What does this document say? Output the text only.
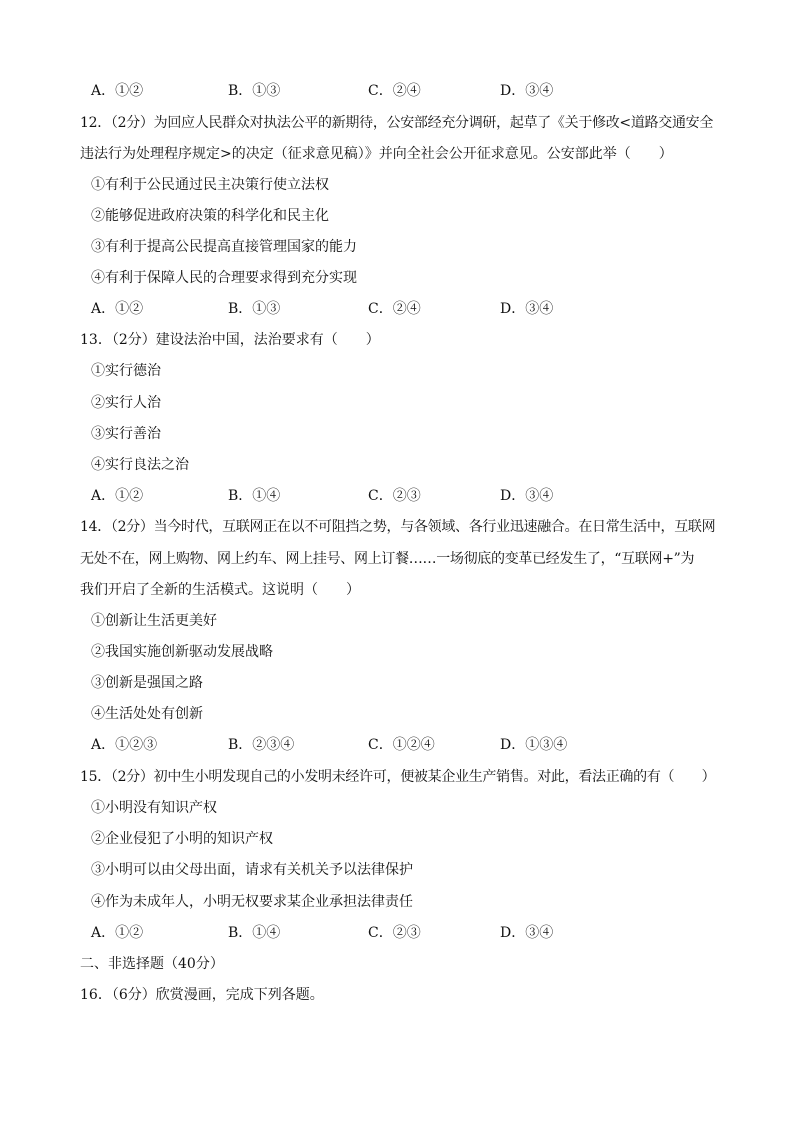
A．①②	B．①③	C．②④	D．③④
12．（2分）为回应人民群众对执法公平的新期待，公安部经充分调研，起草了《关于修改<道路交通安全
违法行为处理程序规定>的决定（征求意见稿）》并向全社会公开征求意见。公安部此举（　　）
①有利于公民通过民主决策行使立法权
②能够促进政府决策的科学化和民主化
③有利于提高公民提高直接管理国家的能力
④有利于保障人民的合理要求得到充分实现
A．①②	B．①③	C．②④	D．③④
13．（2分）建设法治中国，法治要求有（　　）
①实行德治
②实行人治
③实行善治
④实行良法之治
A．①②	B．①④	C．②③	D．③④
14．（2分）当今时代，互联网正在以不可阻挡之势，与各领域、各行业迅速融合。在日常生活中，互联网
无处不在，网上购物、网上约车、网上挂号、网上订餐……一场彻底的变革已经发生了，“互联网+”为
我们开启了全新的生活模式。这说明（　　）
①创新让生活更美好
②我国实施创新驱动发展战略
③创新是强国之路
④生活处处有创新
A．①②③	B．②③④	C．①②④	D．①③④
15．（2分）初中生小明发现自己的小发明未经许可，便被某企业生产销售。对此，看法正确的有（　　）
①小明没有知识产权
②企业侵犯了小明的知识产权
③小明可以由父母出面，请求有关机关予以法律保护
④作为未成年人，小明无权要求某企业承担法律责任
A．①②	B．①④	C．②③	D．③④
二、非选择题（40分）
16．（6分）欣赏漫画，完成下列各题。
